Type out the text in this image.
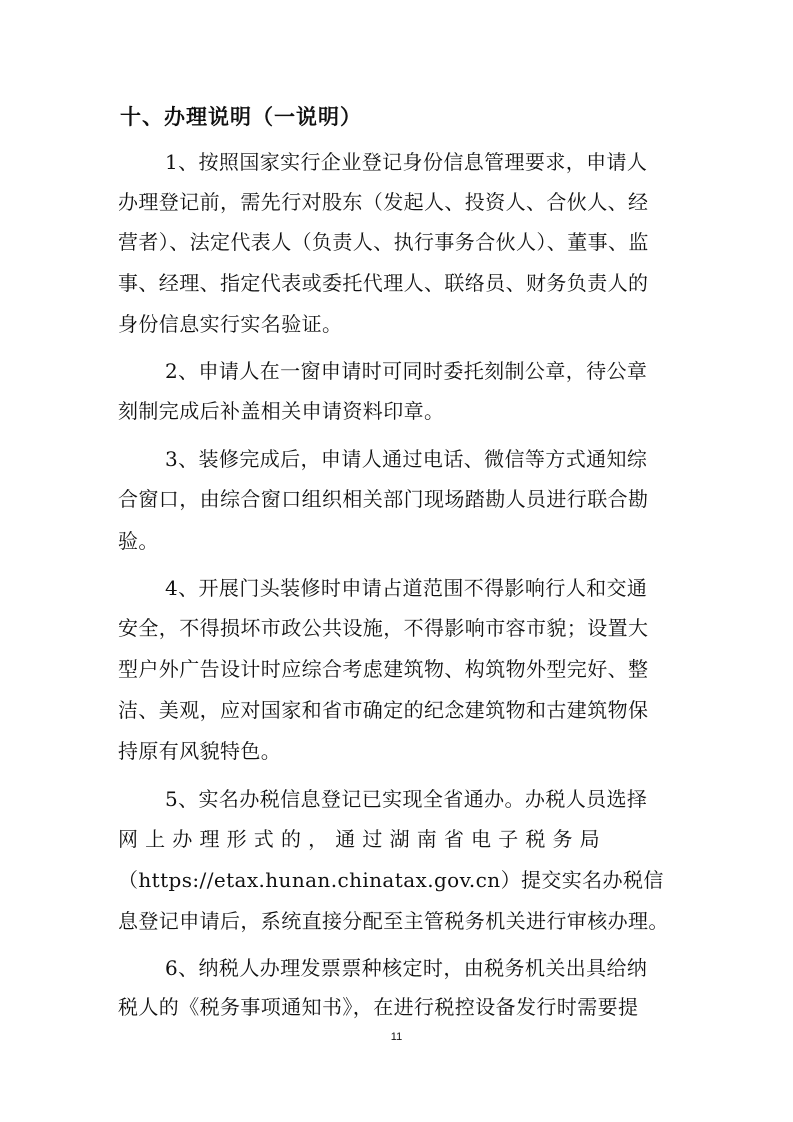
十、办理说明（一说明）
1、按照国家实行企业登记身份信息管理要求，申请人
办理登记前，需先行对股东（发起人、投资人、合伙人、经
营者）、法定代表人（负责人、执行事务合伙人）、董事、监
事、经理、指定代表或委托代理人、联络员、财务负责人的
身份信息实行实名验证。
2、申请人在一窗申请时可同时委托刻制公章，待公章
刻制完成后补盖相关申请资料印章。
3、装修完成后，申请人通过电话、微信等方式通知综
合窗口，由综合窗口组织相关部门现场踏勘人员进行联合勘
验。
4、开展门头装修时申请占道范围不得影响行人和交通
安全，不得损坏市政公共设施，不得影响市容市貌；设置大
型户外广告设计时应综合考虑建筑物、构筑物外型完好、整
洁、美观，应对国家和省市确定的纪念建筑物和古建筑物保
持原有风貌特色。
5、实名办税信息登记已实现全省通办。办税人员选择
网 上 办 理 形 式 的 ， 通 过 湖 南 省 电 子 税 务 局
（https://etax.hunan.chinatax.gov.cn）提交实名办税信
息登记申请后，系统直接分配至主管税务机关进行审核办理。
6、纳税人办理发票票种核定时，由税务机关出具给纳
税人的《税务事项通知书》，在进行税控设备发行时需要提
11
